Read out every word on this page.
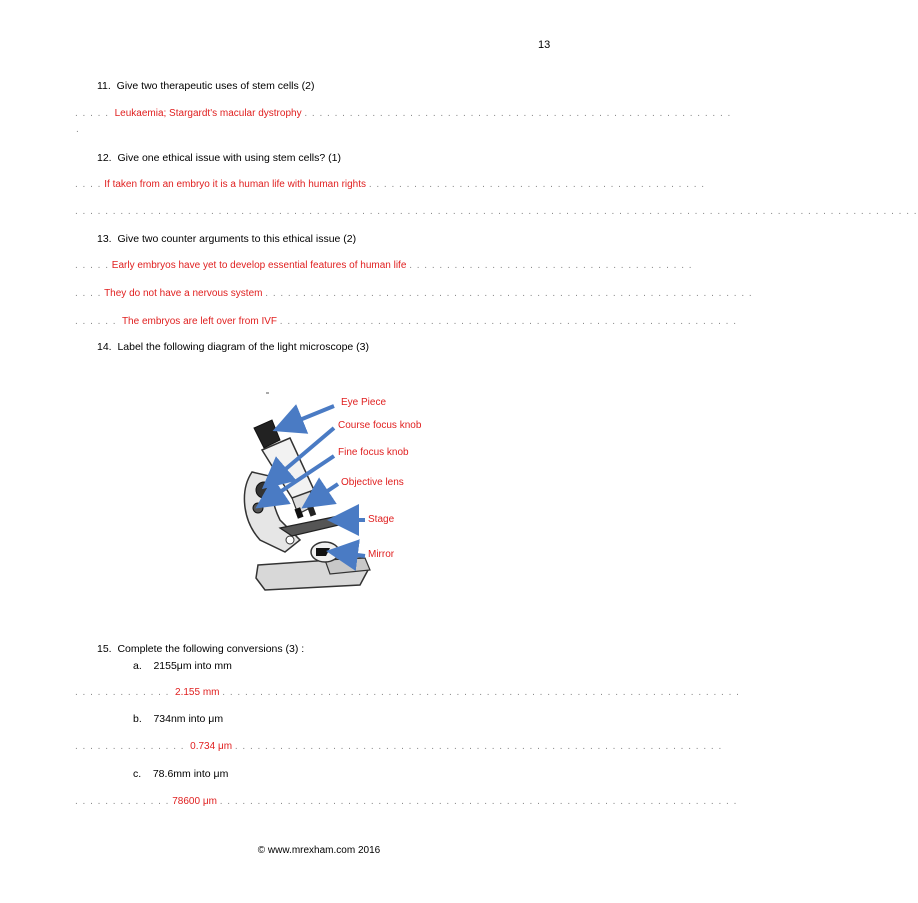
13
11. Give two therapeutic uses of stem cells (2)
. . . . . Leukaemia; Stargardt's macular dystrophy . . . . . . . . . . . . . . . . . . . . . . . . . . . . . . . . . . . . . . . . . . . . . . . . . . . . . . . . .
.
12. Give one ethical issue with using stem cells? (1)
. . . . If taken from an embryo it is a human life with human rights . . . . . . . . . . . . . . . . . . . . . . . . . . . . . . . . . . . . . . . . . . . . .
. . . . . . . . . . . . . . . . . . . . . . . . . . . . . . . . . . . . . . . . . . . . . . . . . . . . . . . . . . . . . . . . . . . . . . . . . . . . . . . . . . . . . . . . . . . . . . . . . . . . . . . . . . . . . . . .
13. Give two counter arguments to this ethical issue (2)
. . . . . Early embryos have yet to develop essential features of human life . . . . . . . . . . . . . . . . . . . . . . . . . . . . . . . . . . . . . .
. . . . They do not have a nervous system . . . . . . . . . . . . . . . . . . . . . . . . . . . . . . . . . . . . . . . . . . . . . . . . . . . . . . . . . . . . . . . . .
. . . . . . The embryos are left over from IVF . . . . . . . . . . . . . . . . . . . . . . . . . . . . . . . . . . . . . . . . . . . . . . . . . . . . . . . . . . . . .
14. Label the following diagram of the light microscope (3)
Eye Piece
Course focus knob
Fine focus knob
Objective lens
Stage
Mirror
15. Complete the following conversions (3) :
a. 2155μm into mm
. . . . . . . . . . . . . 2.155 mm . . . . . . . . . . . . . . . . . . . . . . . . . . . . . . . . . . . . . . . . . . . . . . . . . . . . . . . . . . . . . . . . . . . . .
b. 734nm into μm
. . . . . . . . . . . . . . . 0.734 μm . . . . . . . . . . . . . . . . . . . . . . . . . . . . . . . . . . . . . . . . . . . . . . . . . . . . . . . . . . . . . . . . .
c. 78.6mm into μm
. . . . . . . . . . . . . 78600 μm . . . . . . . . . . . . . . . . . . . . . . . . . . . . . . . . . . . . . . . . . . . . . . . . . . . . . . . . . . . . . . . . . . . . .
© www.mrexham.com 2016
